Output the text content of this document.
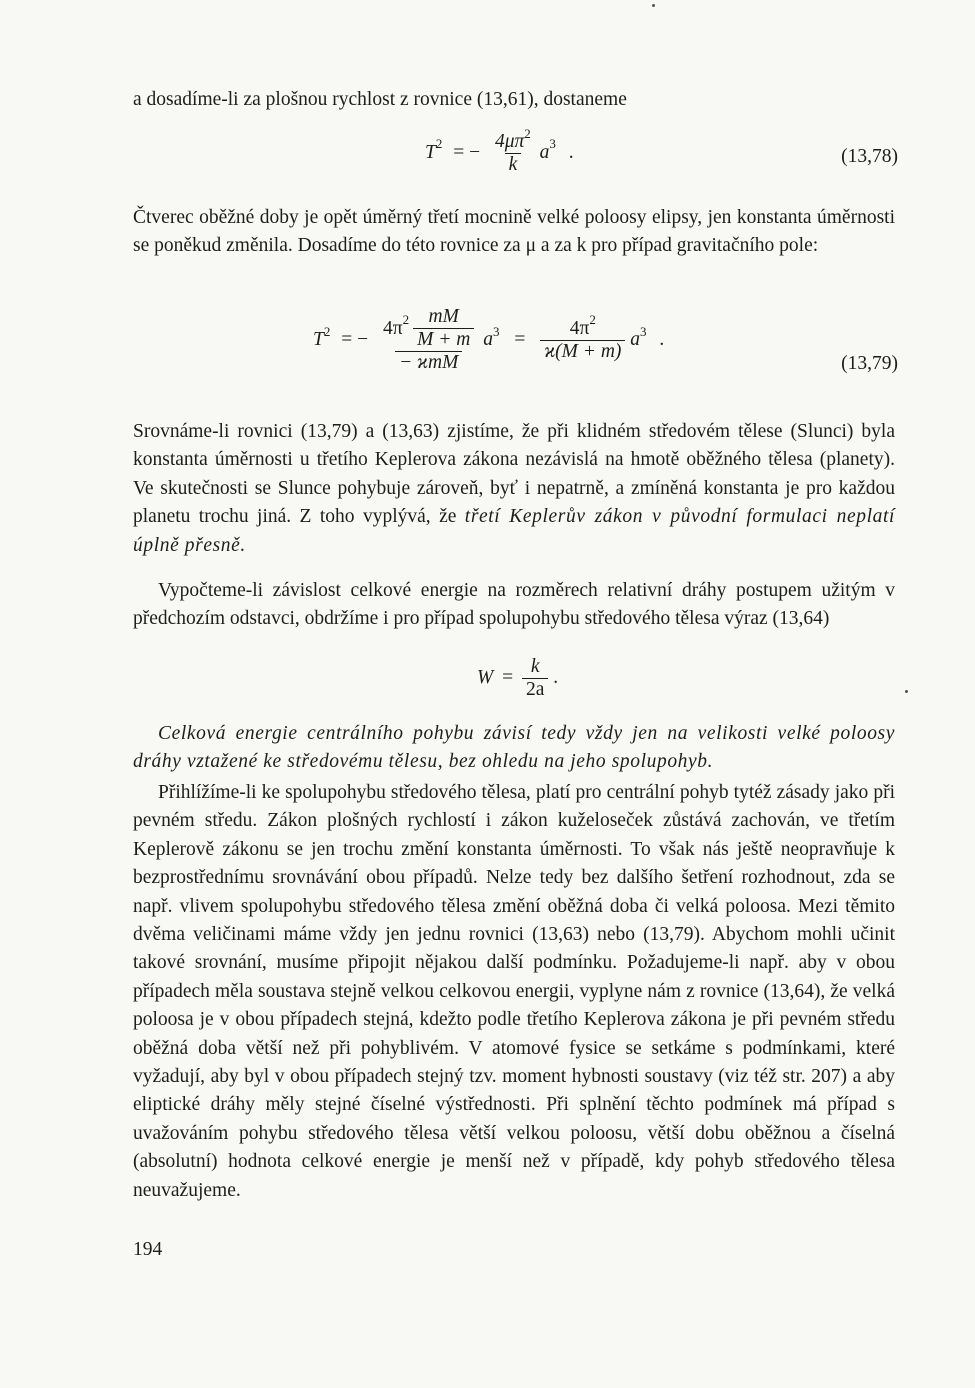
a dosadíme-li za plošnou rychlost z rovnice (13,61), dostaneme

$T^2$ = − $\frac{4\mu\pi^2}{k} a^3$ .	(13,78)

Čtverec oběžné doby je opět úměrný třetí mocnině velké poloosy elipsy, jen konstanta úměrnosti se poněkud změnila. Dosadíme do této rovnice za μ a za k pro případ gravitačního pole:

$T^2$ = − $\frac{4\pi^2 \frac{mM}{M + m}}{\text{− ϰmM}} a^3 = \frac{4\pi^2}{ϰ(M + m)} a^3$ .
(13,79)

Srovnáme-li rovnici (13,79) a (13,63) zjistíme, že při klidném středovém tělese (Slunci) byla konstanta úměrnosti u třetího Keplerova zákona nezávislá na hmotě oběžného tělesa (planety). Ve skutečnosti se Slunce pohybuje zároveň, byť i nepatrně, a zmíněná konstanta je pro každou planetu trochu jiná. Z toho vyplývá, že třetí Keplerův zákon v původní formulaci neplatí úplně přesně.

Vypočteme-li závislost celkové energie na rozměrech relativní dráhy postupem užitým v předchozím odstavci, obdržíme i pro případ spolupohybu středového tělesa výraz (13,64)

$W = \frac{k}{2a}$ .

Celková energie centrálního pohybu závisí tedy vždy jen na velikosti velké poloosy dráhy vztažené ke středovému tělesu, bez ohledu na jeho spolupohyb.

Přihlížíme-li ke spolupohybu středového tělesa, platí pro centrální pohyb tytéž zásady jako při pevném středu. Zákon plošných rychlostí i zákon kuželoseček zůstává zachován, ve třetím Keplerově zákonu se jen trochu změní konstanta úměrnosti. To však nás ještě neopravňuje k bezprostřednímu srovnávání obou případů. Nelze tedy bez dalšího šetření rozhodnout, zda se např. vlivem spolupohybu středového tělesa změní oběžná doba či velká poloosa. Mezi těmito dvěma veličinami máme vždy jen jednu rovnici (13,63) nebo (13,79). Abychom mohli učinit takové srovnání, musíme připojit nějakou další podmínku. Požadujeme-li např. aby v obou případech měla soustava stejně velkou celkovou energii, vyplyne nám z rovnice (13,64), že velká poloosa je v obou případech stejná, kdežto podle třetího Keplerova zákona je při pevném středu oběžná doba větší než při pohyblivém. V atomové fysice se setkáme s podmínkami, které vyžadují, aby byl v obou případech stejný tzv. moment hybnosti soustavy (viz též str. 207) a aby eliptické dráhy měly stejné číselné výstřednosti. Při splnění těchto podmínek má případ s uvažováním pohybu středového tělesa větší velkou poloosu, větší dobu oběžnou a číselná (absolutní) hodnota celkové energie je menší než v případě, kdy pohyb středového tělesa neuvažujeme.

194
